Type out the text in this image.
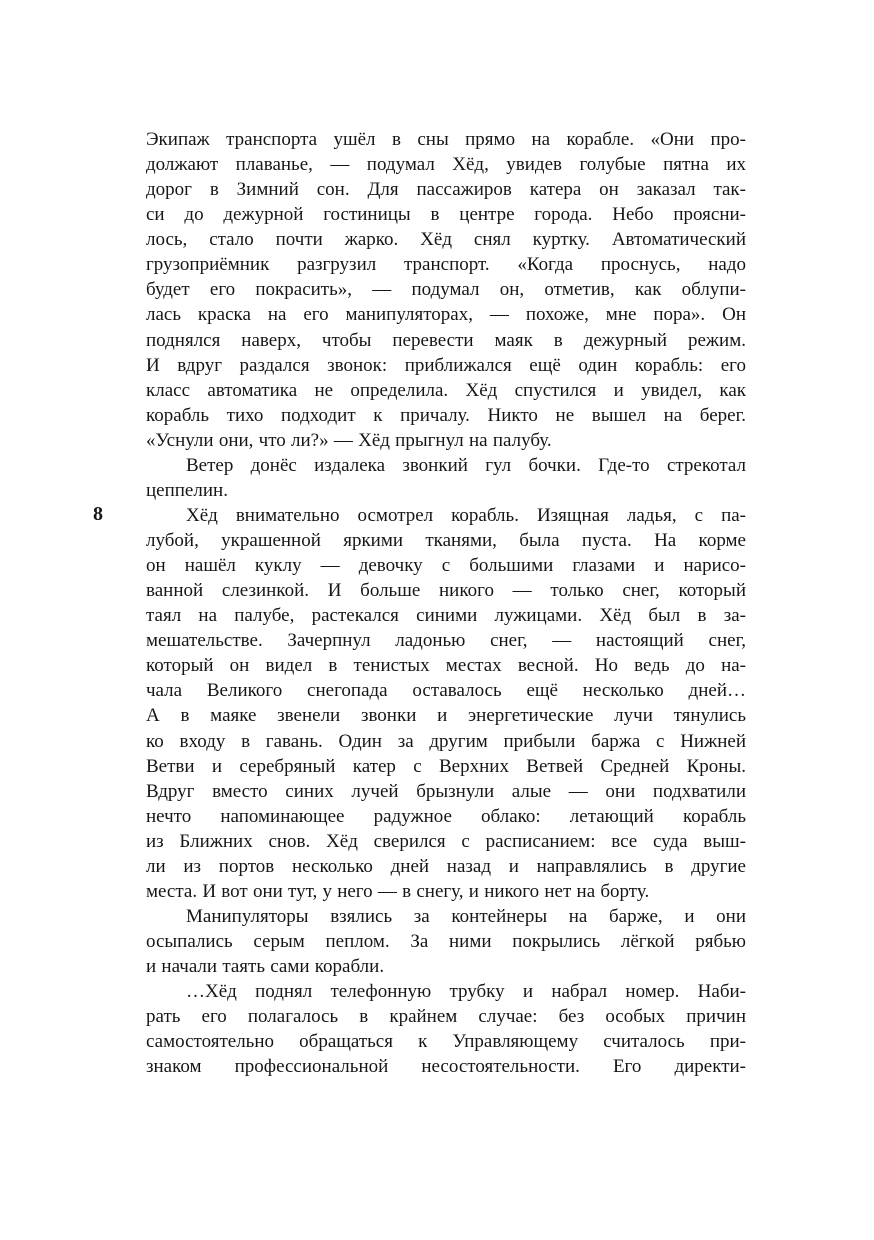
8
Экипаж транспорта ушёл в сны прямо на корабле. «Они про-
должают плаванье, — подумал Хёд, увидев голубые пятна их
дорог в Зимний сон. Для пассажиров катера он заказал так-
си до дежурной гостиницы в центре города. Небо проясни-
лось, стало почти жарко. Хёд снял куртку. Автоматический
грузоприёмник разгрузил транспорт. «Когда проснусь, надо
будет его покрасить», — подумал он, отметив, как облупи-
лась краска на его манипуляторах, — похоже, мне пора». Он
поднялся наверх, чтобы перевести маяк в дежурный режим.
И вдруг раздался звонок: приближался ещё один корабль: его
класс автоматика не определила. Хёд спустился и увидел, как
корабль тихо подходит к причалу. Никто не вышел на берег.
«Уснули они, что ли?» — Хёд прыгнул на палубу.
Ветер донёс издалека звонкий гул бочки. Где-то стрекотал
цеппелин.
Хёд внимательно осмотрел корабль. Изящная ладья, с па-
лубой, украшенной яркими тканями, была пуста. На корме
он нашёл куклу — девочку с большими глазами и нарисо-
ванной слезинкой. И больше никого — только снег, который
таял на палубе, растекался синими лужицами. Хёд был в за-
мешательстве. Зачерпнул ладонью снег, — настоящий снег,
который он видел в тенистых местах весной. Но ведь до на-
чала Великого снегопада оставалось ещё несколько дней…
А в маяке звенели звонки и энергетические лучи тянулись
ко входу в гавань. Один за другим прибыли баржа с Нижней
Ветви и серебряный катер с Верхних Ветвей Средней Кроны.
Вдруг вместо синих лучей брызнули алые — они подхватили
нечто напоминающее радужное облако: летающий корабль
из Ближних снов. Хёд сверился с расписанием: все суда выш-
ли из портов несколько дней назад и направлялись в другие
места. И вот они тут, у него — в снегу, и никого нет на борту.
Манипуляторы взялись за контейнеры на барже, и они
осыпались серым пеплом. За ними покрылись лёгкой рябью
и начали таять сами корабли.
…Хёд поднял телефонную трубку и набрал номер. Наби-
рать его полагалось в крайнем случае: без особых причин
самостоятельно обращаться к Управляющему считалось при-
знаком профессиональной несостоятельности. Его директи-
